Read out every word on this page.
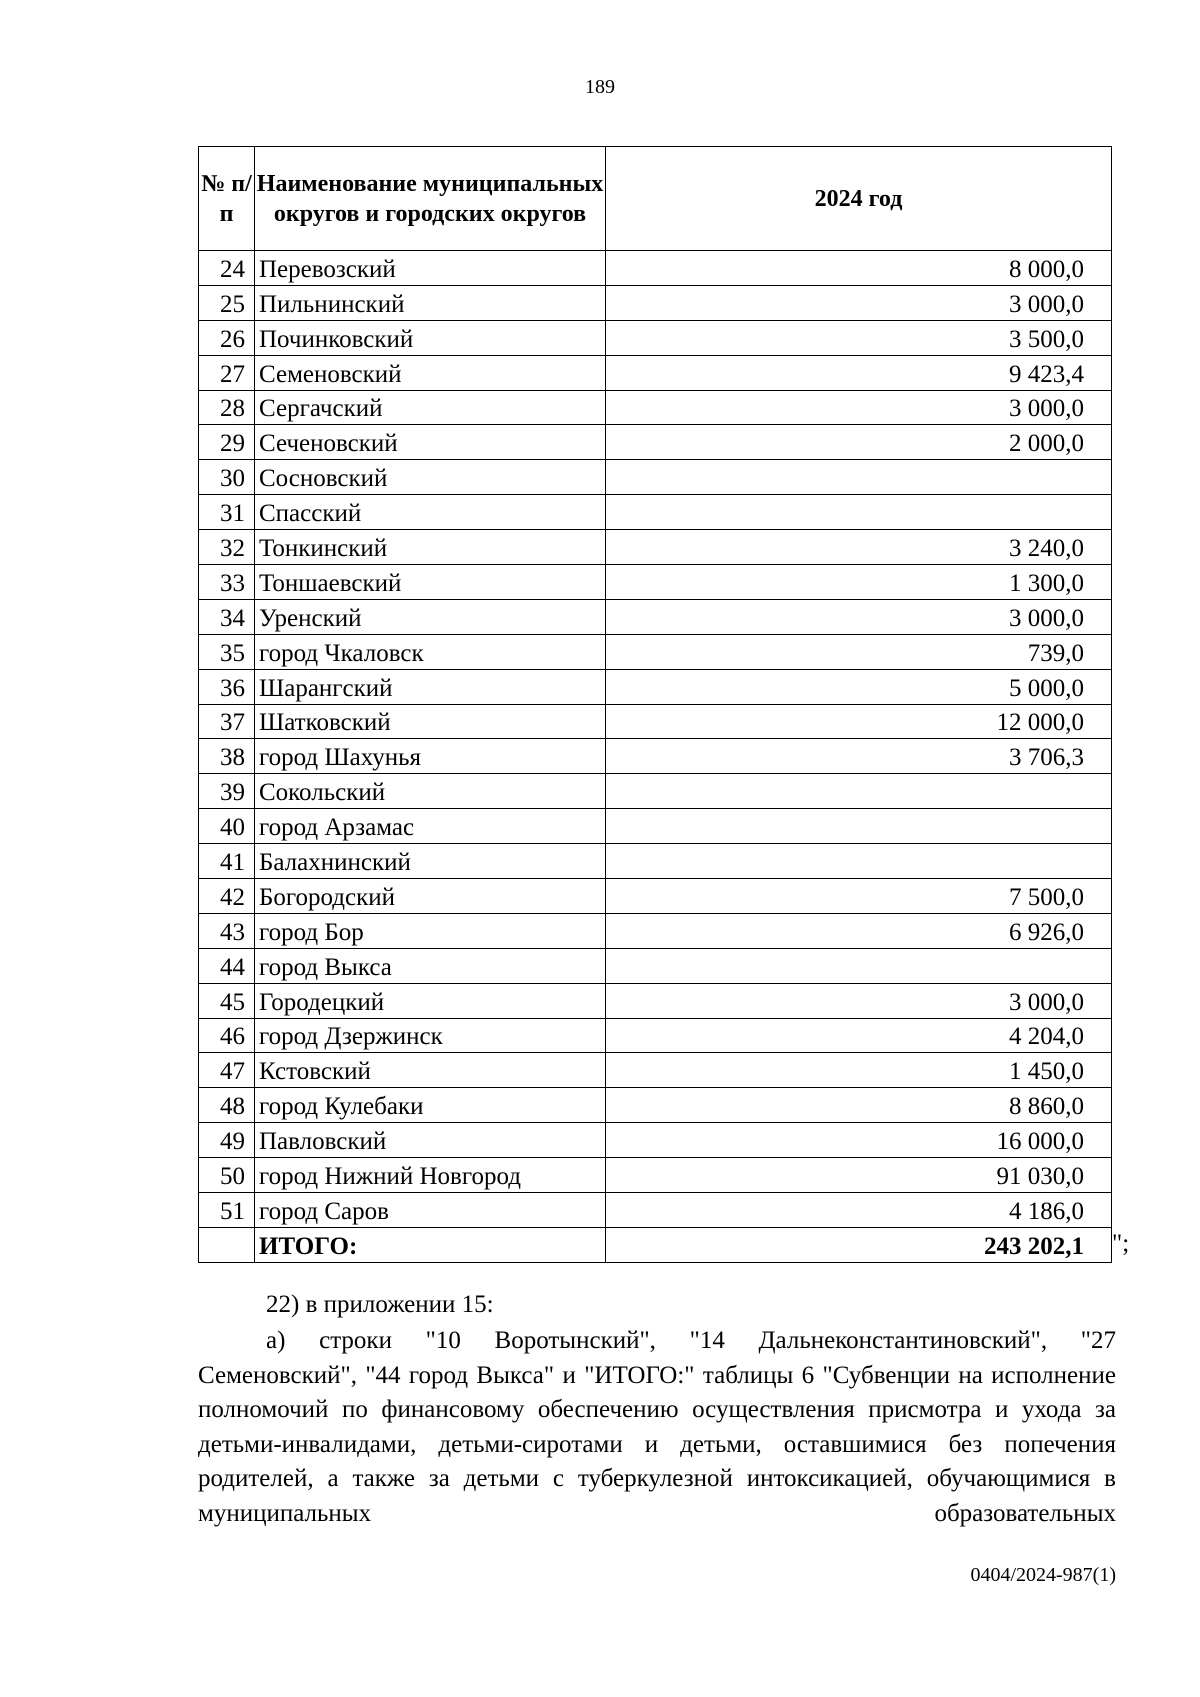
189
№ п/п	Наименование муниципальных округов и городских округов	2024 год
24	Перевозский	8 000,0
25	Пильнинский	3 000,0
26	Починковский	3 500,0
27	Семеновский	9 423,4
28	Сергачский	3 000,0
29	Сеченовский	2 000,0
30	Сосновский	
31	Спасский	
32	Тонкинский	3 240,0
33	Тоншаевский	1 300,0
34	Уренский	3 000,0
35	город Чкаловск	739,0
36	Шарангский	5 000,0
37	Шатковский	12 000,0
38	город Шахунья	3 706,3
39	Сокольский	
40	город Арзамас	
41	Балахнинский	
42	Богородский	7 500,0
43	город Бор	6 926,0
44	город Выкса	
45	Городецкий	3 000,0
46	город Дзержинск	4 204,0
47	Кстовский	1 450,0
48	город Кулебаки	8 860,0
49	Павловский	16 000,0
50	город Нижний Новгород	91 030,0
51	город Саров	4 186,0
	ИТОГО:	243 202,1 ";
22) в приложении 15:
а) строки "10 Воротынский", "14 Дальнеконстантиновский", "27 Семеновский", "44 город Выкса" и "ИТОГО:" таблицы 6 "Субвенции на исполнение полномочий по финансовому обеспечению осуществления присмотра и ухода за детьми-инвалидами, детьми-сиротами и детьми, оставшимися без попечения родителей, а также за детьми с туберкулезной интоксикацией, обучающимися в муниципальных образовательных
0404/2024-987(1)
